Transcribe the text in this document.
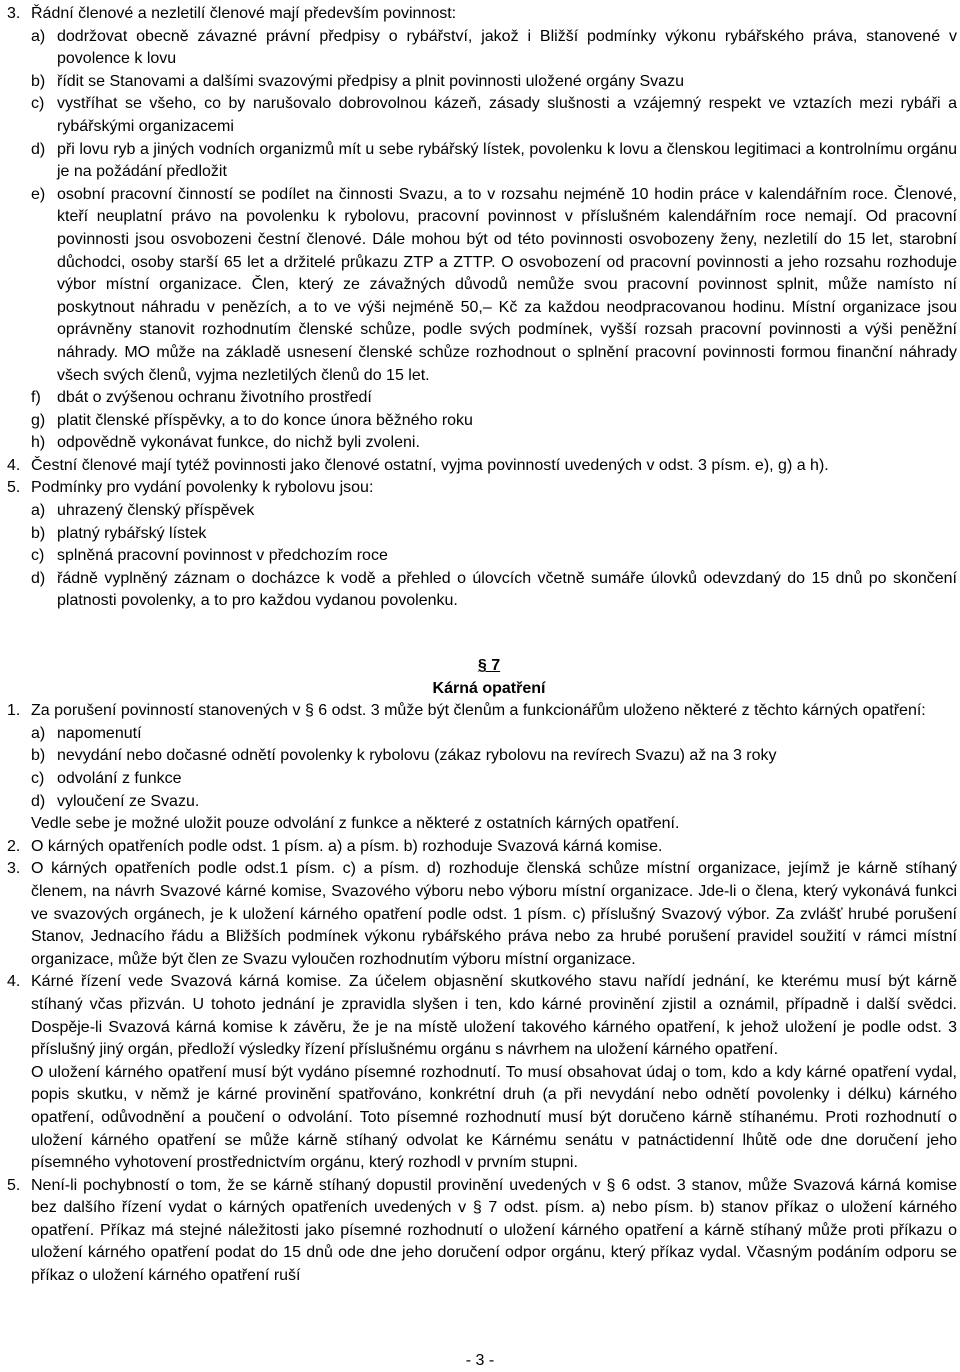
3. Řádní členové a nezletilí členové mají především povinnost:
a) dodržovat obecně závazné právní předpisy o rybářství, jakož i Bližší podmínky výkonu rybářského práva, stanovené v povolence k lovu
b) řídit se Stanovami a dalšími svazovými předpisy a plnit povinnosti uložené orgány Svazu
c) vystříhat se všeho, co by narušovalo dobrovolnou kázeň, zásady slušnosti a vzájemný respekt ve vztazích mezi rybáři a rybářskými organizacemi
d) při lovu ryb a jiných vodních organizmů mít u sebe rybářský lístek, povolenku k lovu a členskou legitimaci a kontrolnímu orgánu je na požádání předložit
e) osobní pracovní činností se podílet na činnosti Svazu, a to v rozsahu nejméně 10 hodin práce v kalendářním roce. Členové, kteří neuplatní právo na povolenku k rybolovu, pracovní povinnost v příslušném kalendářním roce nemají. Od pracovní povinnosti jsou osvobozeni čestní členové. Dále mohou být od této povinnosti osvobozeny ženy, nezletilí do 15 let, starobní důchodci, osoby starší 65 let a držitelé průkazu ZTP a ZTTP. O osvobození od pracovní povinnosti a jeho rozsahu rozhoduje výbor místní organizace. Člen, který ze závažných důvodů nemůže svou pracovní povinnost splnit, může namísto ní poskytnout náhradu v penězích, a to ve výši nejméně 50,– Kč za každou neodpracovanou hodinu. Místní organizace jsou oprávněny stanovit rozhodnutím členské schůze, podle svých podmínek, vyšší rozsah pracovní povinnosti a výši peněžní náhrady. MO může na základě usnesení členské schůze rozhodnout o splnění pracovní povinnosti formou finanční náhrady všech svých členů, vyjma nezletilých členů do 15 let.
f)	dbát o zvýšenou ochranu životního prostředí
g) platit členské příspěvky, a to do konce února běžného roku
h) odpovědně vykonávat funkce, do nichž byli zvoleni.
4. Čestní členové mají tytéž povinnosti jako členové ostatní, vyjma povinností uvedených v odst. 3 písm. e), g) a h).
5. Podmínky pro vydání povolenky k rybolovu jsou:
a) uhrazený členský příspěvek
b) platný rybářský lístek
c) splněná pracovní povinnost v předchozím roce
d) řádně vyplněný záznam o docházce k vodě a přehled o úlovcích včetně sumáře úlovků odevzdaný do 15 dnů po skončení platnosti povolenky, a to pro každou vydanou povolenku.
§ 7
Kárná opatření
1. Za porušení povinností stanovených v § 6 odst. 3 může být členům a funkcionářům uloženo některé z těchto kárných opatření:
a) napomenutí
b) nevydání nebo dočasné odnětí povolenky k rybolovu (zákaz rybolovu na revírech Svazu) až na 3 roky
c) odvolání z funkce
d) vyloučení ze Svazu.
Vedle sebe je možné uložit pouze odvolání z funkce a některé z ostatních kárných opatření.
2. O kárných opatřeních podle odst. 1 písm. a) a písm. b) rozhoduje Svazová kárná komise.
3. O kárných opatřeních podle odst.1 písm. c) a písm. d) rozhoduje členská schůze místní organizace, jejímž je kárně stíhaný členem, na návrh Svazové kárné komise, Svazového výboru nebo výboru místní organizace. Jde-li o člena, který vykonává funkci ve svazových orgánech, je k uložení kárného opatření podle odst. 1 písm. c) příslušný Svazový výbor. Za zvlášť hrubé porušení Stanov, Jednacího řádu a Bližších podmínek výkonu rybářského práva nebo za hrubé porušení pravidel soužití v rámci místní organizace, může být člen ze Svazu vyloučen rozhodnutím výboru místní organizace.
4. Kárné řízení vede Svazová kárná komise. Za účelem objasnění skutkového stavu nařídí jednání, ke kterému musí být kárně stíhaný včas přizván. U tohoto jednání je zpravidla slyšen i ten, kdo kárné provinění zjistil a oznámil, případně i další svědci. Dospěje-li Svazová kárná komise k závěru, že je na místě uložení takového kárného opatření, k jehož uložení je podle odst. 3 příslušný jiný orgán, předloží výsledky řízení příslušnému orgánu s návrhem na uložení kárného opatření.
O uložení kárného opatření musí být vydáno písemné rozhodnutí. To musí obsahovat údaj o tom, kdo a kdy kárné opatření vydal, popis skutku, v němž je kárné provinění spatřováno, konkrétní druh (a při nevydání nebo odnětí povolenky i délku) kárného opatření, odůvodnění a poučení o odvolání. Toto písemné rozhodnutí musí být doručeno kárně stíhanému. Proti rozhodnutí o uložení kárného opatření se může kárně stíhaný odvolat ke Kárnému senátu v patnáctidenní lhůtě ode dne doručení jeho písemného vyhotovení prostřednictvím orgánu, který rozhodl v prvním stupni.
5. Není-li pochybností o tom, že se kárně stíhaný dopustil provinění uvedených v § 6 odst. 3 stanov, může Svazová kárná komise bez dalšího řízení vydat o kárných opatřeních uvedených v § 7 odst. písm. a) nebo písm. b) stanov příkaz o uložení kárného opatření. Příkaz má stejné náležitosti jako písemné rozhodnutí o uložení kárného opatření a kárně stíhaný může proti příkazu o uložení kárného opatření podat do 15 dnů ode dne jeho doručení odpor orgánu, který příkaz vydal. Včasným podáním odporu se příkaz o uložení kárného opatření ruší
- 3 -
